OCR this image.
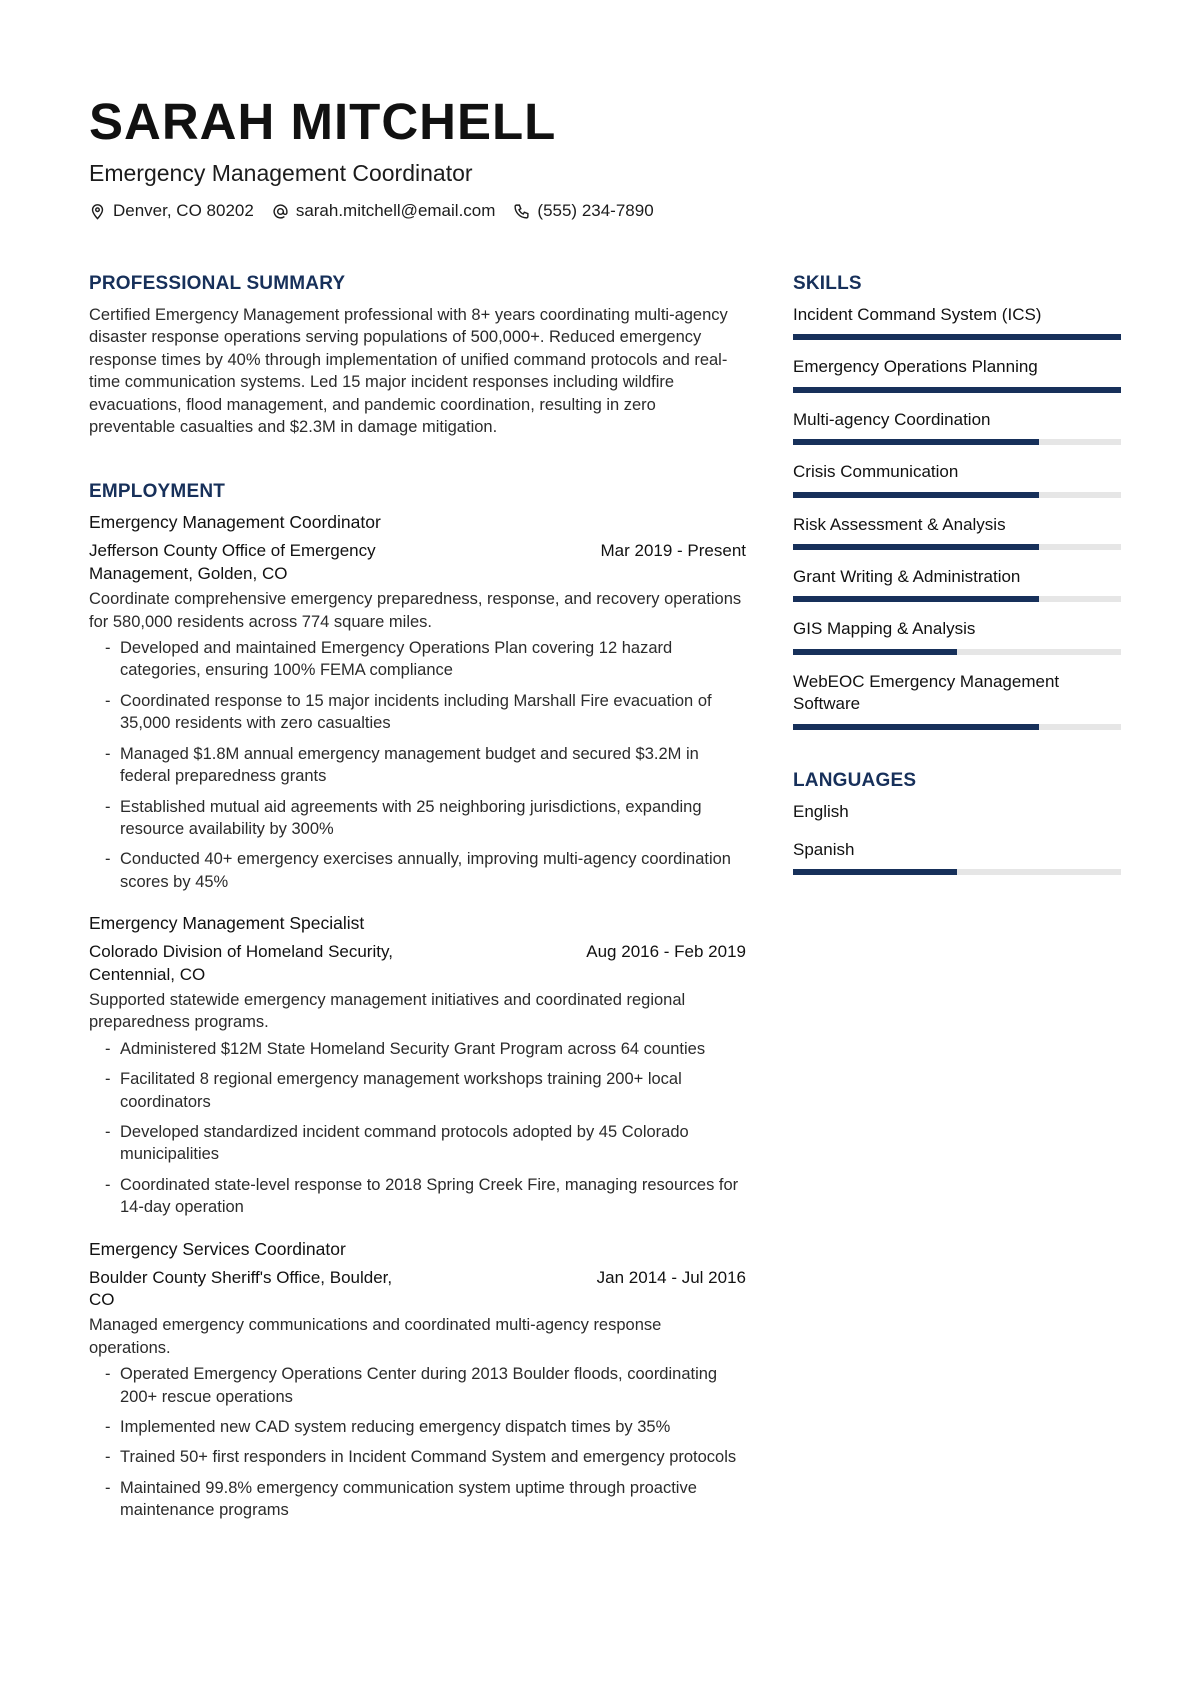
SARAH MITCHELL
Emergency Management Coordinator
Denver, CO 80202 sarah.mitchell@email.com (555) 234-7890
PROFESSIONAL SUMMARY
Certified Emergency Management professional with 8+ years coordinating multi-agency disaster response operations serving populations of 500,000+. Reduced emergency response times by 40% through implementation of unified command protocols and real-time communication systems. Led 15 major incident responses including wildfire evacuations, flood management, and pandemic coordination, resulting in zero preventable casualties and $2.3M in damage mitigation.
EMPLOYMENT
Emergency Management Coordinator
Jefferson County Office of Emergency Management, Golden, CO
Mar 2019 - Present
Coordinate comprehensive emergency preparedness, response, and recovery operations for 580,000 residents across 774 square miles.
- Developed and maintained Emergency Operations Plan covering 12 hazard categories, ensuring 100% FEMA compliance
- Coordinated response to 15 major incidents including Marshall Fire evacuation of 35,000 residents with zero casualties
- Managed $1.8M annual emergency management budget and secured $3.2M in federal preparedness grants
- Established mutual aid agreements with 25 neighboring jurisdictions, expanding resource availability by 300%
- Conducted 40+ emergency exercises annually, improving multi-agency coordination scores by 45%
Emergency Management Specialist
Colorado Division of Homeland Security, Centennial, CO
Aug 2016 - Feb 2019
Supported statewide emergency management initiatives and coordinated regional preparedness programs.
- Administered $12M State Homeland Security Grant Program across 64 counties
- Facilitated 8 regional emergency management workshops training 200+ local coordinators
- Developed standardized incident command protocols adopted by 45 Colorado municipalities
- Coordinated state-level response to 2018 Spring Creek Fire, managing resources for 14-day operation
Emergency Services Coordinator
Boulder County Sheriff's Office, Boulder, CO
Jan 2014 - Jul 2016
Managed emergency communications and coordinated multi-agency response operations.
- Operated Emergency Operations Center during 2013 Boulder floods, coordinating 200+ rescue operations
- Implemented new CAD system reducing emergency dispatch times by 35%
- Trained 50+ first responders in Incident Command System and emergency protocols
- Maintained 99.8% emergency communication system uptime through proactive maintenance programs
SKILLS
Incident Command System (ICS)
Emergency Operations Planning
Multi-agency Coordination
Crisis Communication
Risk Assessment & Analysis
Grant Writing & Administration
GIS Mapping & Analysis
WebEOC Emergency Management Software
LANGUAGES
English
Spanish
